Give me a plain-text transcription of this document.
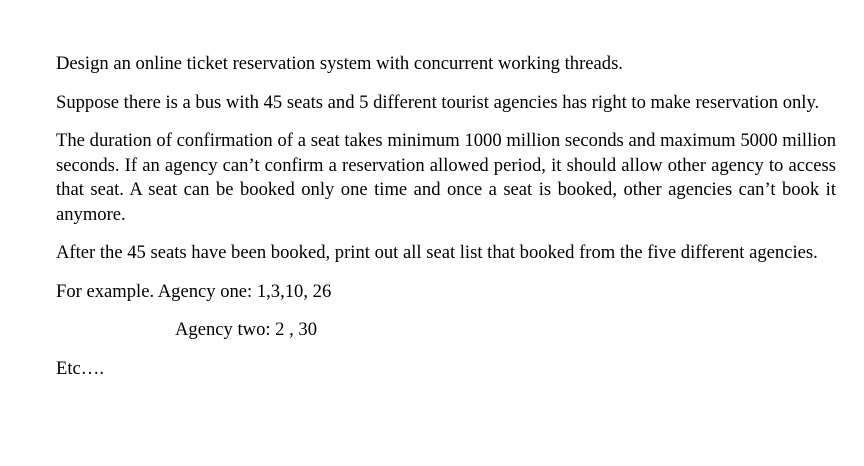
Design an online ticket reservation system with concurrent working threads.

Suppose there is a bus with 45 seats and 5 different tourist agencies has right to make reservation only.

The duration of confirmation of a seat takes minimum 1000 million seconds and maximum 5000 million seconds. If an agency can’t confirm a reservation allowed period, it should allow other agency to access that seat. A seat can be booked only one time and once a seat is booked, other agencies can’t book it anymore.

After the 45 seats have been booked, print out all seat list that booked from the five different agencies.

For example. Agency one: 1,3,10, 26

Agency two: 2 , 30

Etc….
